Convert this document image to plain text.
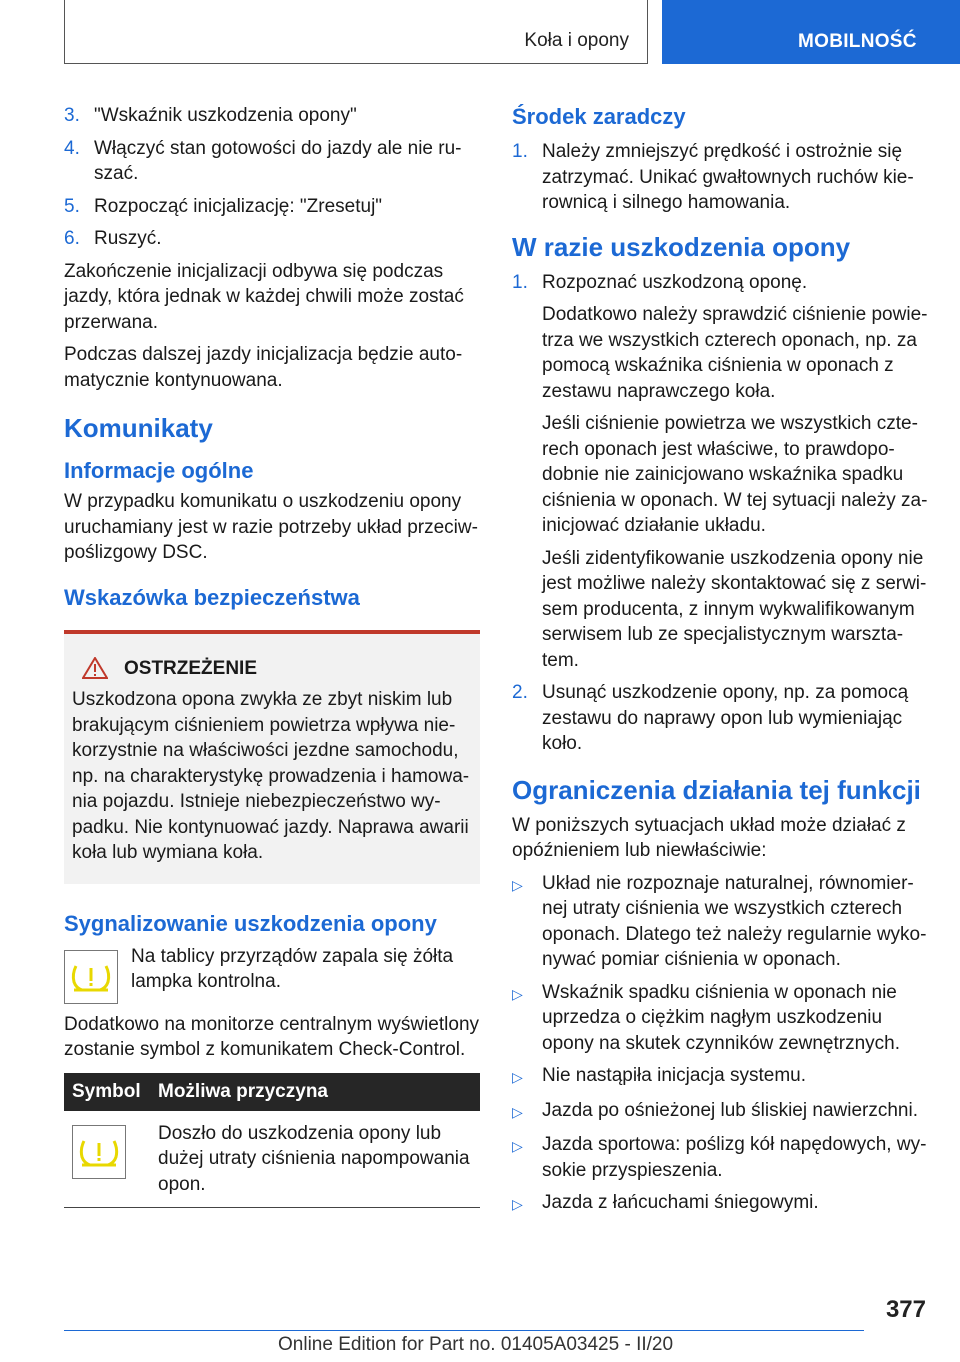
Koła i opony	MOBILNOŚĆ
3. "Wskaźnik uszkodzenia opony"
4. Włączyć stan gotowości do jazdy ale nie ruszać.
5. Rozpocząć inicjalizację: "Zresetuj"
6. Ruszyć.

Zakończenie inicjalizacji odbywa się podczas jazdy, która jednak w każdej chwili może zostać przerwana.

Podczas dalszej jazdy inicjalizacja będzie automatycznie kontynuowana.

Komunikaty
Informacje ogólne

W przypadku komunikatu o uszkodzeniu opony uruchamiany jest w razie potrzeby układ przeciwpoślizgowy DSC.

Wskazówka bezpieczeństwa
OSTRZEŻENIE
Uszkodzona opona zwykła ze zbyt niskim lub brakującym ciśnieniem powietrza wpływa niekorzystnie na właściwości jezdne samochodu, np. na charakterystykę prowadzenia i hamowania pojazdu. Istnieje niebezpieczeństwo wypadku. Nie kontynuować jazdy. Naprawa awarii koła lub wymiana koła.
Sygnalizowanie uszkodzenia opony
Na tablicy przyrządów zapala się żółta lampka kontrolna.

Dodatkowo na monitorze centralnym wyświetlony zostanie symbol z komunikatem Check-Control.

Symbol	Możliwa przyczyna

	Doszło do uszkodzenia opony lub dużej utraty ciśnienia napompowania opon.
Środek zaradczy
1. Należy zmniejszyć prędkość i ostrożnie się zatrzymać. Unikać gwałtownych ruchów kierownicą i silnego hamowania.
W razie uszkodzenia opony
1. Rozpoznać uszkodzoną oponę.

Dodatkowo należy sprawdzić ciśnienie powietrza we wszystkich czterech oponach, np. za pomocą wskaźnika ciśnienia w oponach z zestawu naprawczego koła.

Jeśli ciśnienie powietrza we wszystkich czterech oponach jest właściwe, to prawdopodobnie nie zainicjowano wskaźnika spadku ciśnienia w oponach. W tej sytuacji należy zainicjować działanie układu.

Jeśli zidentyfikowanie uszkodzenia opony nie jest możliwe należy skontaktować się z serwisem producenta, z innym wykwalifikowanym serwisem lub ze specjalistycznym warsztatem.

2. Usunąć uszkodzenie opony, np. za pomocą zestawu do naprawy opon lub wymieniając koło.
Ograniczenia działania tej funkcji

W poniższych sytuacjach układ może działać z opóźnieniem lub niewłaściwie:

▷	Układ nie rozpoznaje naturalnej, równomiernej utraty ciśnienia we wszystkich czterech oponach. Dlatego też należy regularnie wykonywać pomiar ciśnienia w oponach.
▷	Wskaźnik spadku ciśnienia w oponach nie uprzedza o ciężkim nagłym uszkodzeniu opony na skutek czynników zewnętrznych.
▷	Nie nastąpiła inicjacja systemu.
▷	Jazda po ośnieżonej lub śliskiej nawierzchni.
▷	Jazda sportowa: poślizg kół napędowych, wysokie przyspieszenia.
▷	Jazda z łańcuchami śniegowymi.
377
Online Edition for Part no. 01405A03425 - II/20
